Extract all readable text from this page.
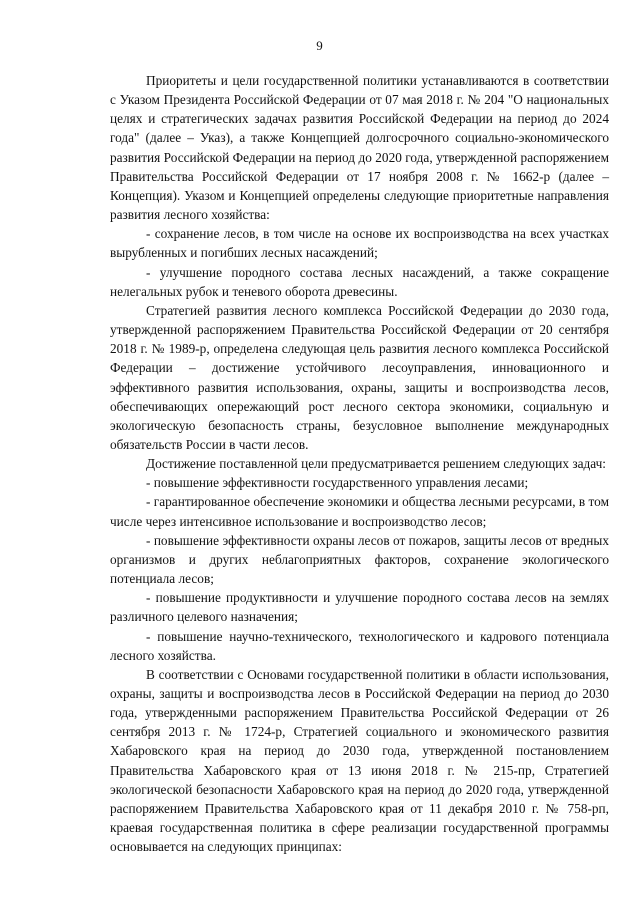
9

Приоритеты и цели государственной политики устанавливаются в соответствии с Указом Президента Российской Федерации от 07 мая 2018 г. № 204 "О национальных целях и стратегических задачах развития Российской Федерации на период до 2024 года" (далее – Указ), а также Концепцией долгосрочного социально-экономического развития Российской Федерации на период до 2020 года, утвержденной распоряжением Правительства Российской Федерации от 17 ноября 2008 г. № 1662-р (далее – Концепция). Указом и Концепцией определены следующие приоритетные направления развития лесного хозяйства:

- сохранение лесов, в том числе на основе их воспроизводства на всех участках вырубленных и погибших лесных насаждений;

- улучшение породного состава лесных насаждений, а также сокращение нелегальных рубок и теневого оборота древесины.

Стратегией развития лесного комплекса Российской Федерации до 2030 года, утвержденной распоряжением Правительства Российской Федерации от 20 сентября 2018 г. № 1989-р, определена следующая цель развития лесного комплекса Российской Федерации – достижение устойчивого лесоуправления, инновационного и эффективного развития использования, охраны, защиты и воспроизводства лесов, обеспечивающих опережающий рост лесного сектора экономики, социальную и экологическую безопасность страны, безусловное выполнение международных обязательств России в части лесов.

Достижение поставленной цели предусматривается решением следующих задач:

- повышение эффективности государственного управления лесами;

- гарантированное обеспечение экономики и общества лесными ресурсами, в том числе через интенсивное использование и воспроизводство лесов;

- повышение эффективности охраны лесов от пожаров, защиты лесов от вредных организмов и других неблагоприятных факторов, сохранение экологического потенциала лесов;

- повышение продуктивности и улучшение породного состава лесов на землях различного целевого назначения;

- повышение научно-технического, технологического и кадрового потенциала лесного хозяйства.

В соответствии с Основами государственной политики в области использования, охраны, защиты и воспроизводства лесов в Российской Федерации на период до 2030 года, утвержденными распоряжением Правительства Российской Федерации от 26 сентября 2013 г. № 1724-р, Стратегией социального и экономического развития Хабаровского края на период до 2030 года, утвержденной постановлением Правительства Хабаровского края от 13 июня 2018 г. № 215-пр, Стратегией экологической безопасности Хабаровского края на период до 2020 года, утвержденной распоряжением Правительства Хабаровского края от 11 декабря 2010 г. № 758-рп, краевая государственная политика в сфере реализации государственной программы основывается на следующих принципах:
